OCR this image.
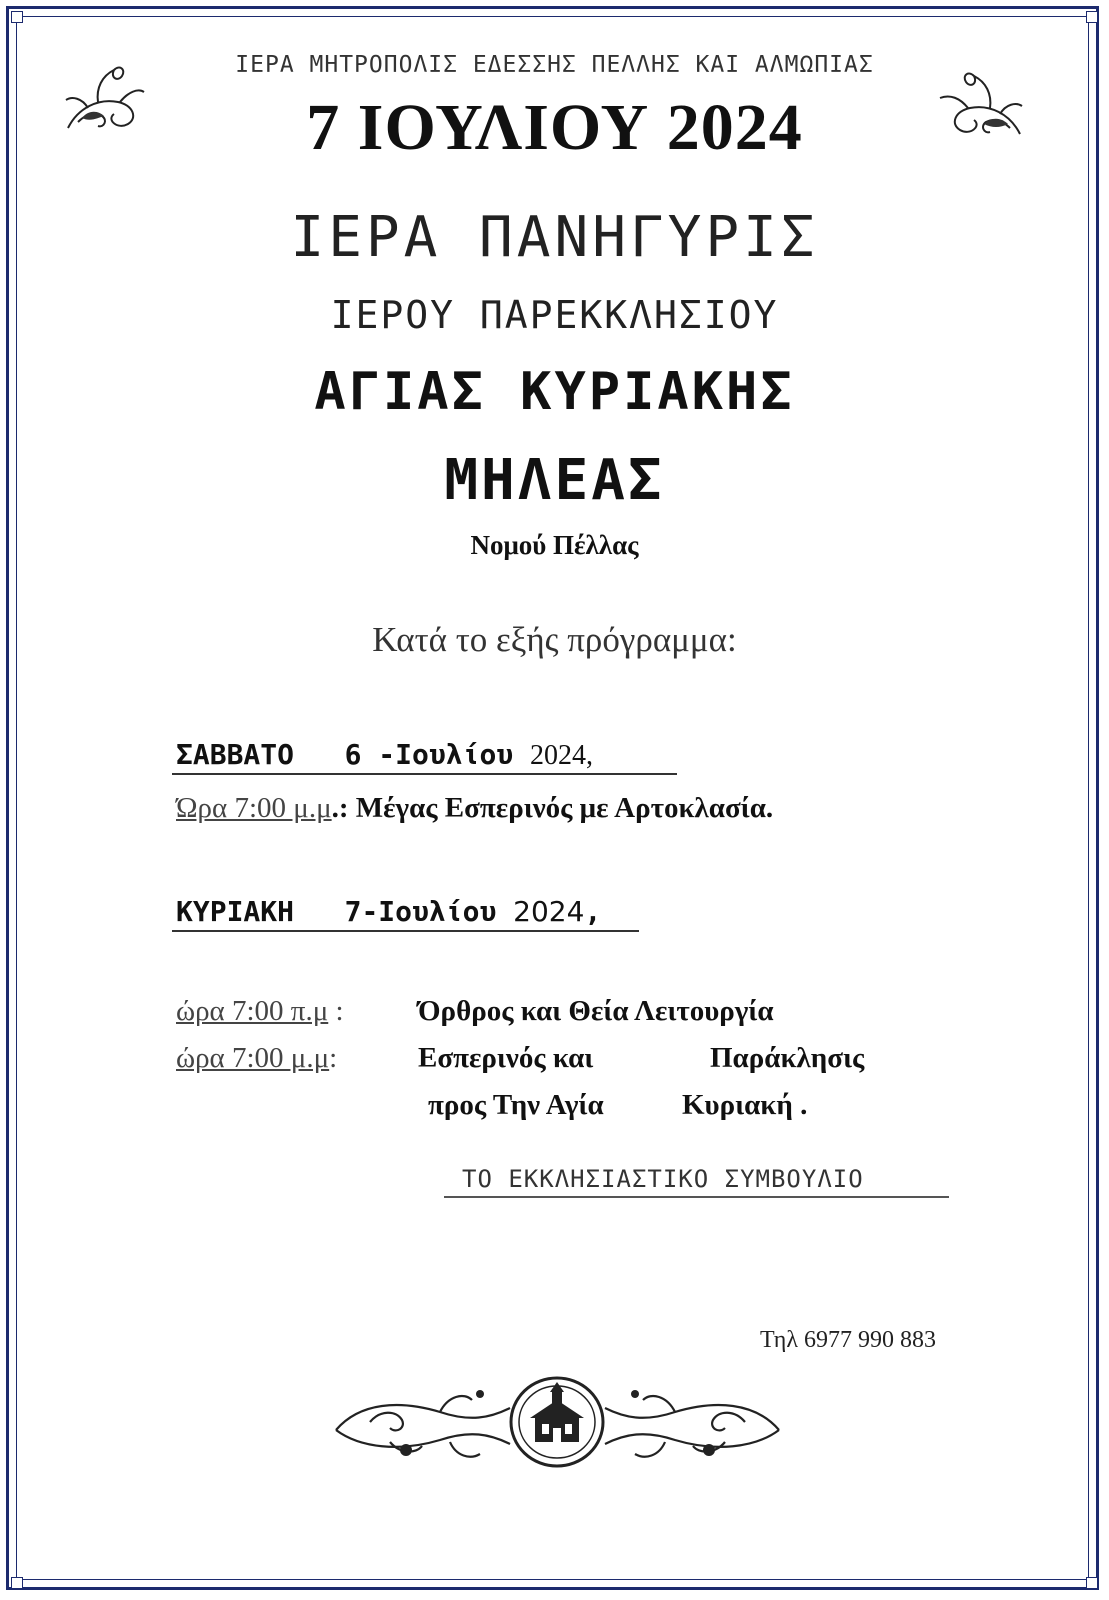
ΙΕΡΑ ΜΗΤΡΟΠΟΛΙΣ ΕΔΕΣΣΗΣ ΠΕΛΛΗΣ ΚΑΙ ΑΛΜΩΠΙΑΣ
7 ΙΟΥΛΙΟΥ 2024
ΙΕΡΑ ΠΑΝΗΓΥΡΙΣ
ΙΕΡΟΥ ΠΑΡΕΚΚΛΗΣΙΟΥ
ΑΓΙΑΣ ΚΥΡΙΑΚΗΣ
ΜΗΛΕΑΣ
Νομού Πέλλας
Κατά το εξής πρόγραμμα:
ΣΑΒΒΑΤΟ 6 -Ιουλίου 2024,
Ώρα 7:00 μ.μ.: Μέγας Εσπερινός με Αρτοκλασία.
ΚΥΡΙΑΚΗ 7-Ιουλίου 2024,
ώρα 7:00 π.μ :	Όρθρος και Θεία Λειτουργία
ώρα 7:00 μ.μ:	Εσπερινός και	Παράκλησις
προς Την Αγία	Κυριακή .
ΤΟ ΕΚΚΛΗΣΙΑΣΤΙΚΟ ΣΥΜΒΟΥΛΙΟ
Τηλ 6977 990 883
